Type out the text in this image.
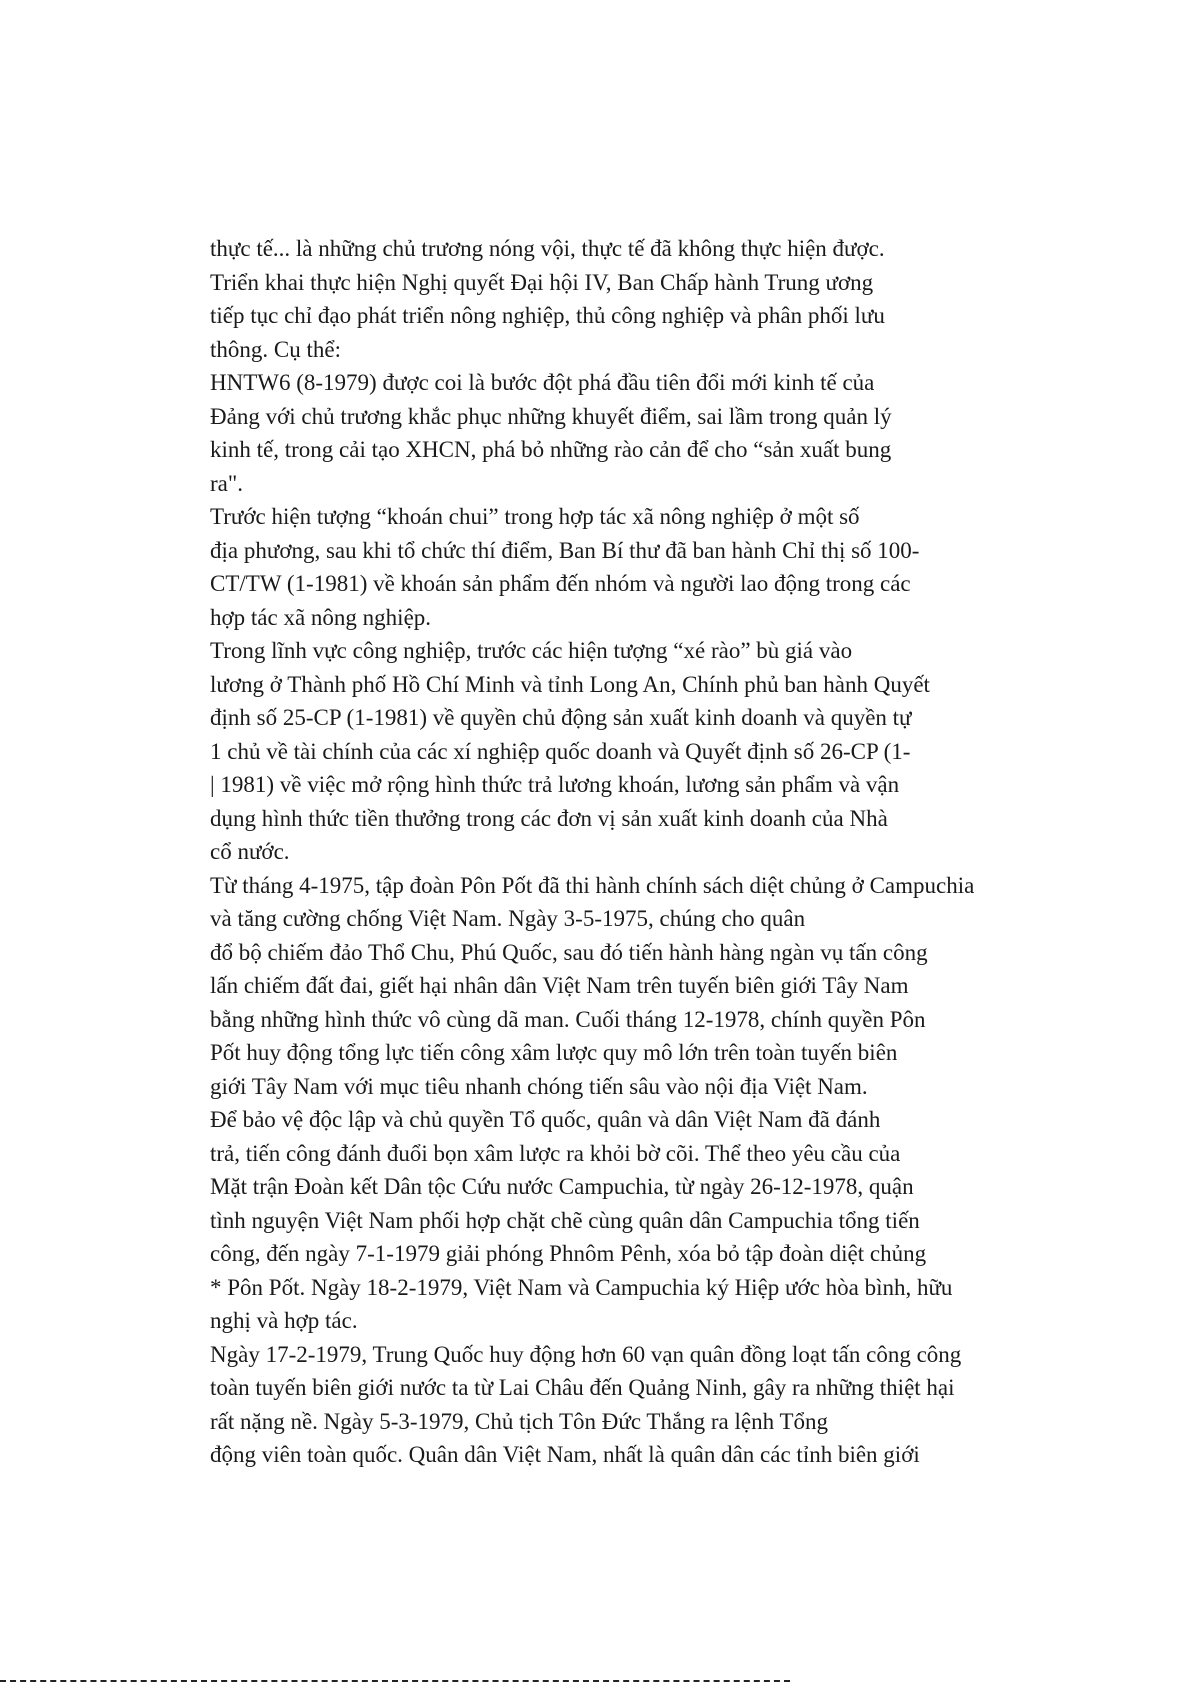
thực tế... là những chủ trương nóng vội, thực tế đã không thực hiện được.
Triển khai thực hiện Nghị quyết Đại hội IV, Ban Chấp hành Trung ương
tiếp tục chỉ đạo phát triển nông nghiệp, thủ công nghiệp và phân phối lưu
thông. Cụ thể:
HNTW6 (8-1979) được coi là bước đột phá đầu tiên đổi mới kinh tế của
Đảng với chủ trương khắc phục những khuyết điểm, sai lầm trong quản lý
kinh tế, trong cải tạo XHCN, phá bỏ những rào cản để cho “sản xuất bung
ra".
Trước hiện tượng “khoán chui” trong hợp tác xã nông nghiệp ở một số
địa phương, sau khi tổ chức thí điểm, Ban Bí thư đã ban hành Chỉ thị số 100-
CT/TW (1-1981) về khoán sản phẩm đến nhóm và người lao động trong các
hợp tác xã nông nghiệp.
Trong lĩnh vực công nghiệp, trước các hiện tượng “xé rào” bù giá vào
lương ở Thành phố Hồ Chí Minh và tỉnh Long An, Chính phủ ban hành Quyết
định số 25-CP (1-1981) về quyền chủ động sản xuất kinh doanh và quyền tự
1 chủ về tài chính của các xí nghiệp quốc doanh và Quyết định số 26-CP (1-
| 1981) về việc mở rộng hình thức trả lương khoán, lương sản phẩm và vận
dụng hình thức tiền thưởng trong các đơn vị sản xuất kinh doanh của Nhà
cổ nước.
Từ tháng 4-1975, tập đoàn Pôn Pốt đã thi hành chính sách diệt chủng ở Campuchia
và tăng cường chống Việt Nam. Ngày 3-5-1975, chúng cho quân
đổ bộ chiếm đảo Thổ Chu, Phú Quốc, sau đó tiến hành hàng ngàn vụ tấn công
lấn chiếm đất đai, giết hại nhân dân Việt Nam trên tuyến biên giới Tây Nam
bằng những hình thức vô cùng dã man. Cuối tháng 12-1978, chính quyền Pôn
Pốt huy động tổng lực tiến công xâm lược quy mô lớn trên toàn tuyến biên
giới Tây Nam với mục tiêu nhanh chóng tiến sâu vào nội địa Việt Nam.
Để bảo vệ độc lập và chủ quyền Tổ quốc, quân và dân Việt Nam đã đánh
trả, tiến công đánh đuổi bọn xâm lược ra khỏi bờ cõi. Thể theo yêu cầu của
Mặt trận Đoàn kết Dân tộc Cứu nước Campuchia, từ ngày 26-12-1978, quận
tình nguyện Việt Nam phối hợp chặt chẽ cùng quân dân Campuchia tổng tiến
công, đến ngày 7-1-1979 giải phóng Phnôm Pênh, xóa bỏ tập đoàn diệt chủng
* Pôn Pốt. Ngày 18-2-1979, Việt Nam và Campuchia ký Hiệp ước hòa bình, hữu
nghị và hợp tác.
Ngày 17-2-1979, Trung Quốc huy động hơn 60 vạn quân đồng loạt tấn công công
toàn tuyến biên giới nước ta từ Lai Châu đến Quảng Ninh, gây ra những thiệt hại
rất nặng nề. Ngày 5-3-1979, Chủ tịch Tôn Đức Thắng ra lệnh Tổng
động viên toàn quốc. Quân dân Việt Nam, nhất là quân dân các tỉnh biên giới
